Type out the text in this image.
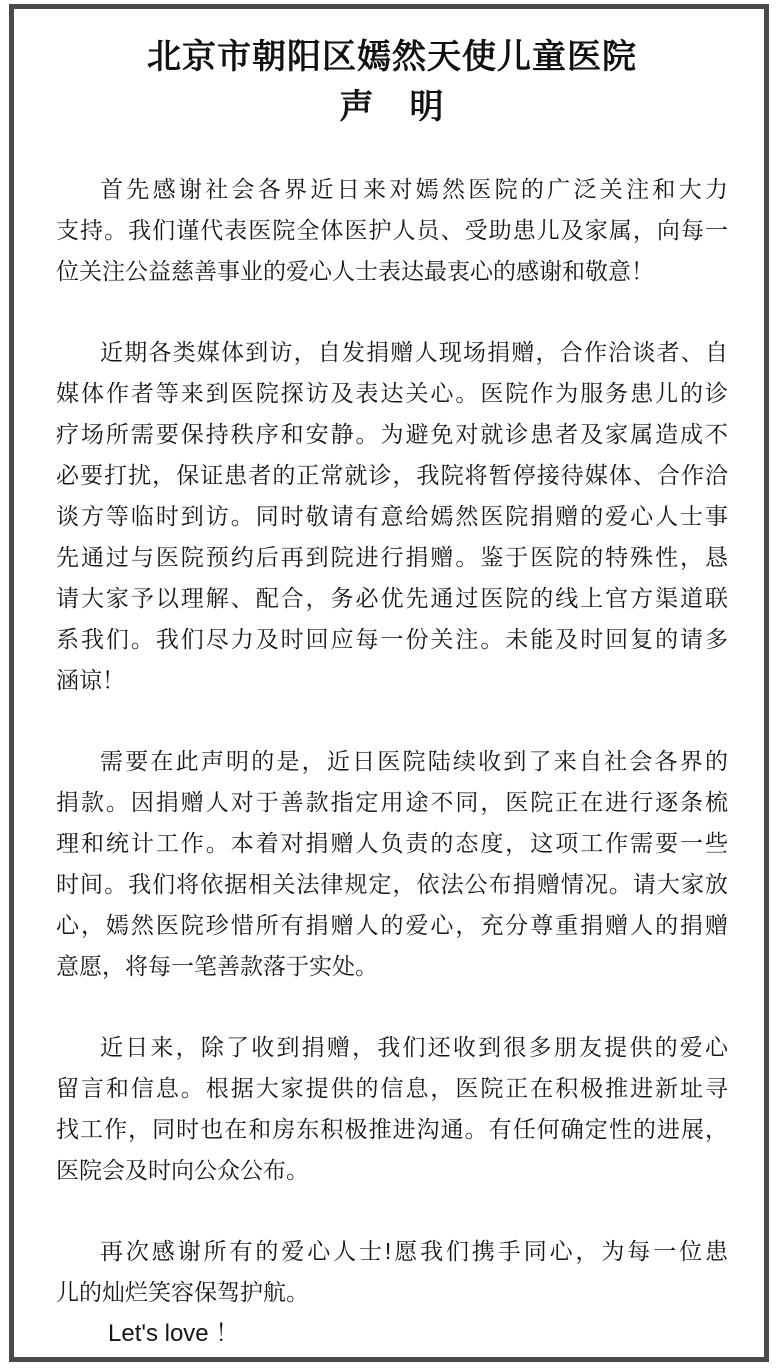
北京市朝阳区嫣然天使儿童医院
声　明
首先感谢社会各界近日来对嫣然医院的广泛关注和大力
支持。我们谨代表医院全体医护人员、受助患儿及家属，向每一
位关注公益慈善事业的爱心人士表达最衷心的感谢和敬意！
近期各类媒体到访，自发捐赠人现场捐赠，合作洽谈者、自
媒体作者等来到医院探访及表达关心。医院作为服务患儿的诊
疗场所需要保持秩序和安静。为避免对就诊患者及家属造成不
必要打扰，保证患者的正常就诊，我院将暂停接待媒体、合作洽
谈方等临时到访。同时敬请有意给嫣然医院捐赠的爱心人士事
先通过与医院预约后再到院进行捐赠。鉴于医院的特殊性，恳
请大家予以理解、配合，务必优先通过医院的线上官方渠道联
系我们。我们尽力及时回应每一份关注。未能及时回复的请多
涵谅！
需要在此声明的是，近日医院陆续收到了来自社会各界的
捐款。因捐赠人对于善款指定用途不同，医院正在进行逐条梳
理和统计工作。本着对捐赠人负责的态度，这项工作需要一些
时间。我们将依据相关法律规定，依法公布捐赠情况。请大家放
心，嫣然医院珍惜所有捐赠人的爱心，充分尊重捐赠人的捐赠
意愿，将每一笔善款落于实处。
近日来，除了收到捐赠，我们还收到很多朋友提供的爱心
留言和信息。根据大家提供的信息，医院正在积极推进新址寻
找工作，同时也在和房东积极推进沟通。有任何确定性的进展，
医院会及时向公众公布。
再次感谢所有的爱心人士!愿我们携手同心，为每一位患
儿的灿烂笑容保驾护航。
Let's love ！
